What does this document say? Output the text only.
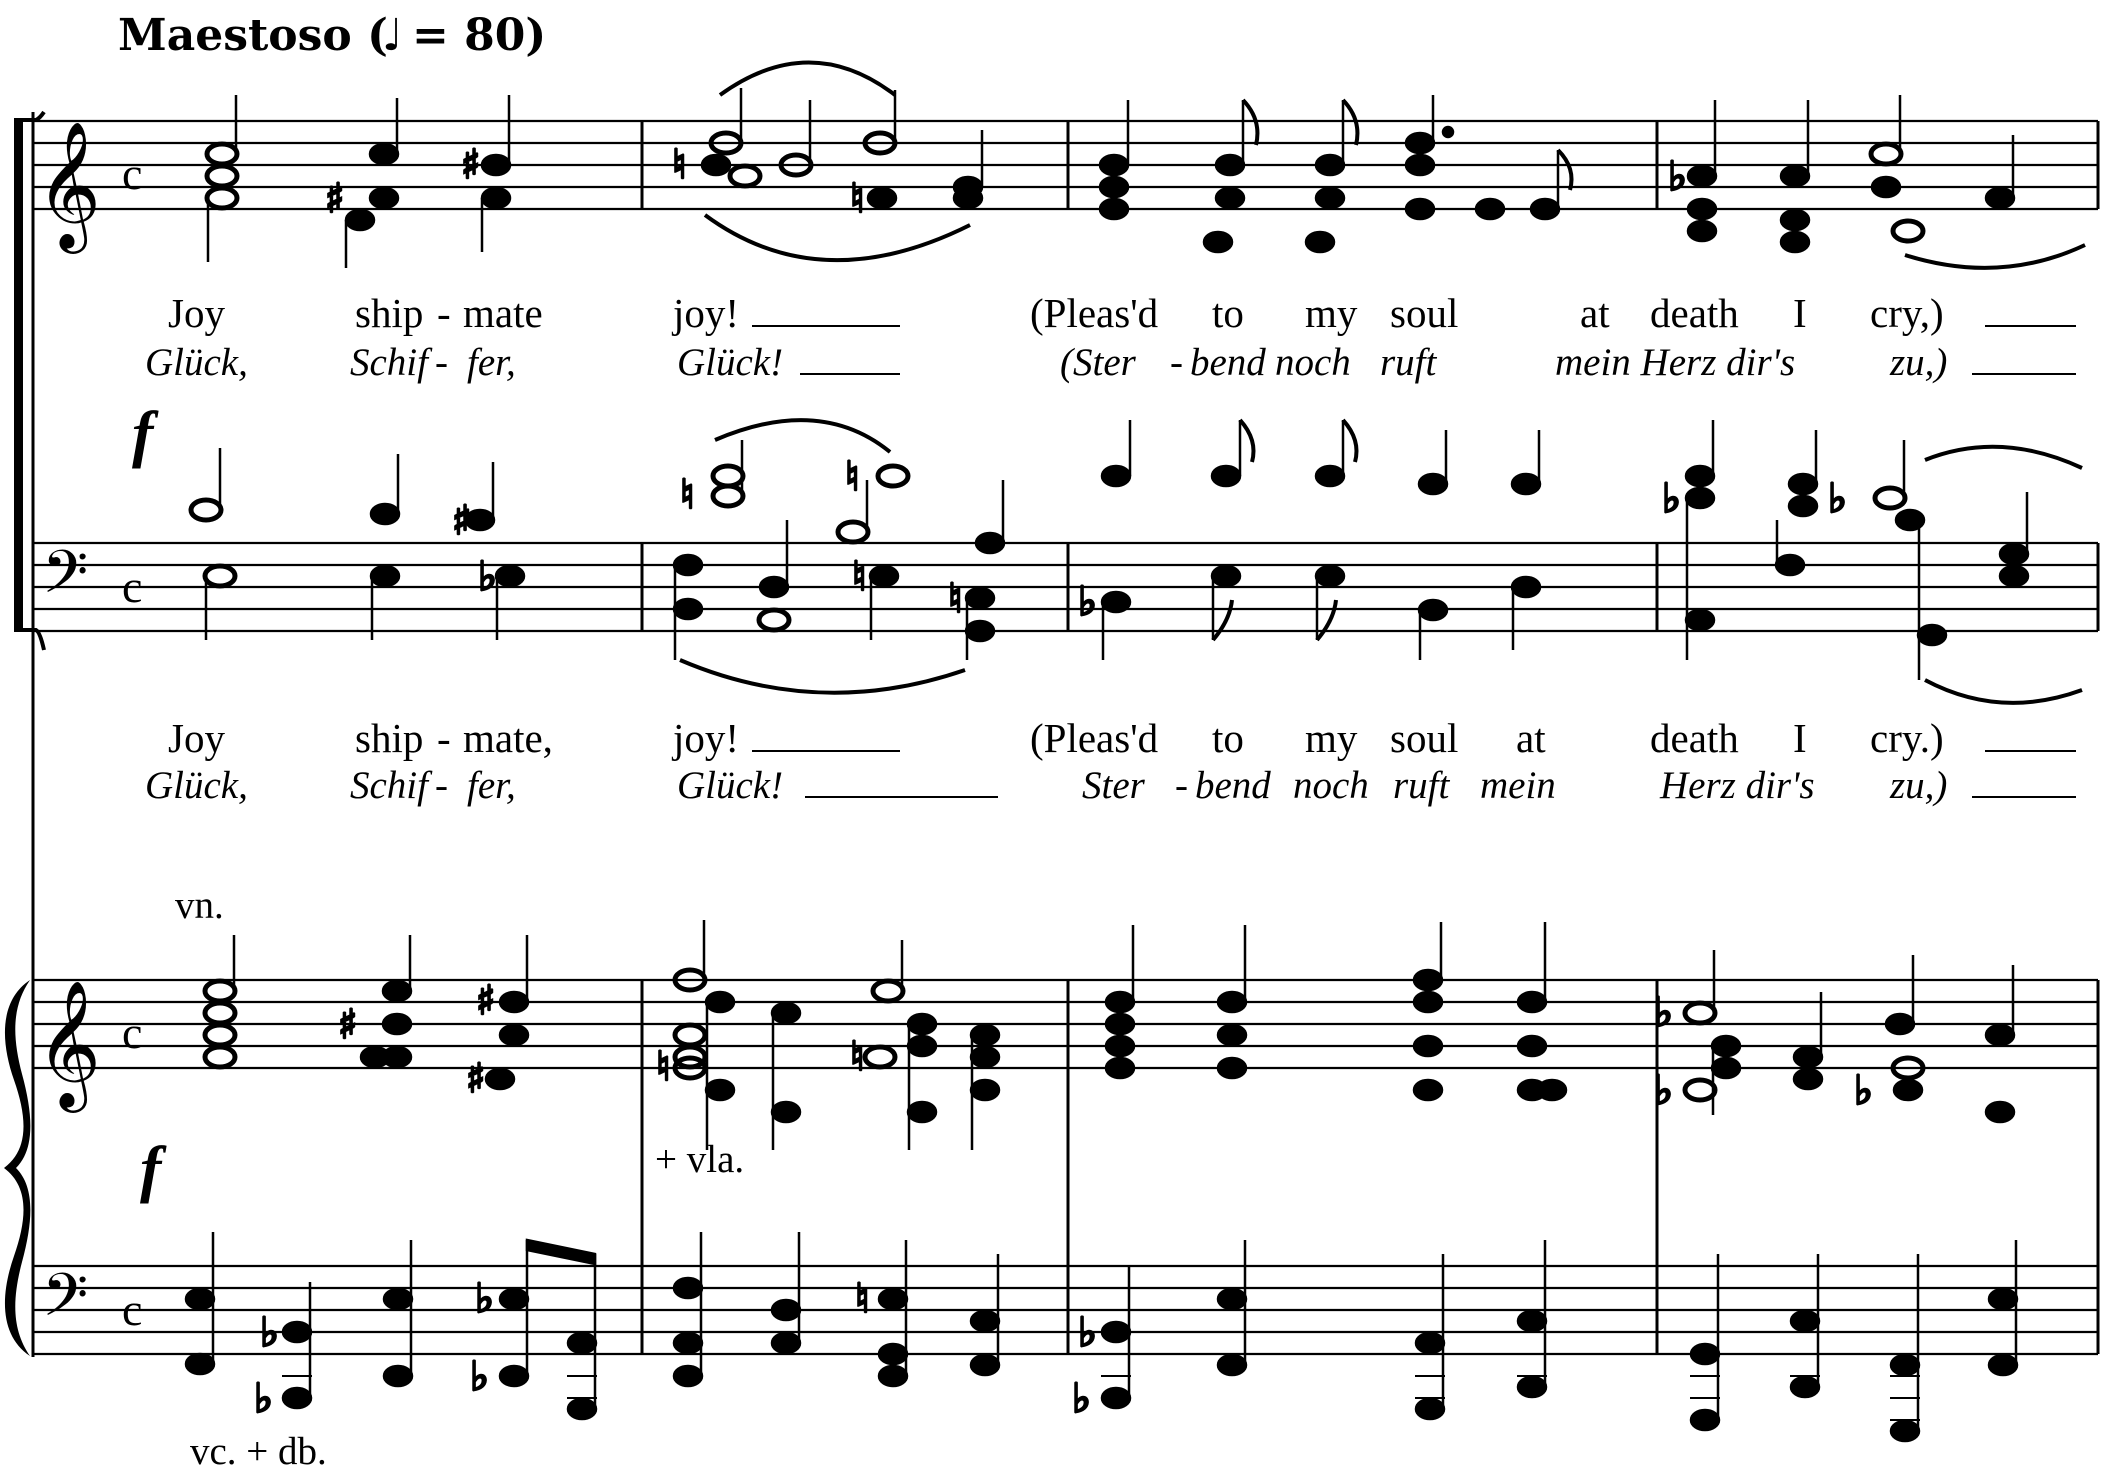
Maestoso (
♩ = 80)
𝄞 c	♯
♯	♮
♮	♭
Joy	ship - mate	joy!	(Pleas'd to my soul	at death I cry,)
Glück,	Schif - fer,	Glück!	(Ster - bend noch ruft	mein Herz dir's zu,)
f
𝄢 c
♯
♭
♮	♮
♮ ♮	♭
♭	♭
Joy	ship - mate,	joy!	(Pleas'd to my soul at	death I cry.)
Glück,	Schif - fer,	Glück!	Ster - bend noch ruft mein	Herz dir's zu,)
vn.
+ vla.
vc. + db.
𝄞 c	♯
♯
♯	♮	♮
♭
♭	♭
f
𝄢 c	♭
♭
♭
♭
♮
♭
♭
